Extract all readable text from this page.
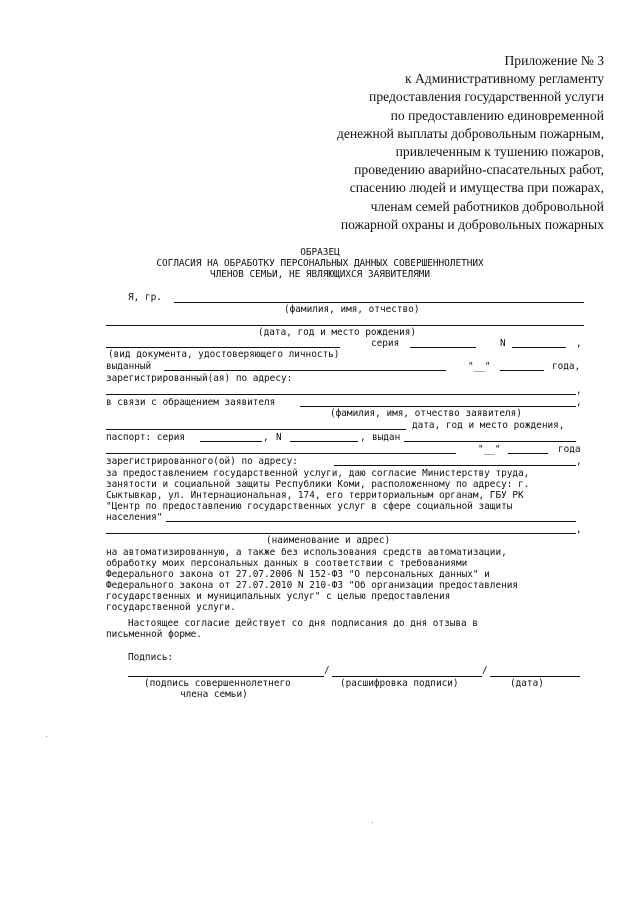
Приложение № 3
к Административному регламенту
предоставления государственной услуги
по предоставлению единовременной
денежной выплаты добровольным пожарным,
привлеченным к тушению пожаров,
проведению аварийно-спасательных работ,
спасению людей и имущества при пожарах,
членам семей работников добровольной
пожарной охраны и добровольных пожарных
ОБРАЗЕЦ
СОГЛАСИЯ НА ОБРАБОТКУ ПЕРСОНАЛЬНЫХ ДАННЫХ СОВЕРШЕННОЛЕТНИХ
ЧЛЕНОВ СЕМЬИ, НЕ ЯВЛЯЮЩИХСЯ ЗАЯВИТЕЛЯМИ
Я, гр.
(фамилия, имя, отчество)
(дата, год и место рождения)
серия	N	,
(вид документа, удостоверяющего личность)
выданный	"__"	года,
зарегистрированный(ая) по адресу:
,
в связи с обращением заявителя	,
(фамилия, имя, отчество заявителя)
дата, год и место рождения,
паспорт: серия	, N	, выдан
"__"	года
зарегистрированного(ой) по адресу:	,
за предоставлением государственной услуги, даю согласие Министерству труда,
занятости и социальной защиты Республики Коми, расположенному по адресу: г.
Сыктывкар, ул. Интернациональная, 174, его территориальным органам, ГБУ РК
"Центр по предоставлению государственных услуг в сфере социальной защиты
населения"
,
(наименование и адрес)
на автоматизированную, а также без использования средств автоматизации,
обработку моих персональных данных в соответствии с требованиями
Федерального закона от 27.07.2006 N 152-ФЗ "О персональных данных" и
Федерального закона от 27.07.2010 N 210-ФЗ "Об организации предоставления
государственных и муниципальных услуг" с целью предоставления
государственной услуги.
Настоящее согласие действует со дня подписания до дня отзыва в
письменной форме.
Подпись:
/	/
(подпись совершеннолетнего
члена семьи)
(расшифровка подписи)	(дата)
